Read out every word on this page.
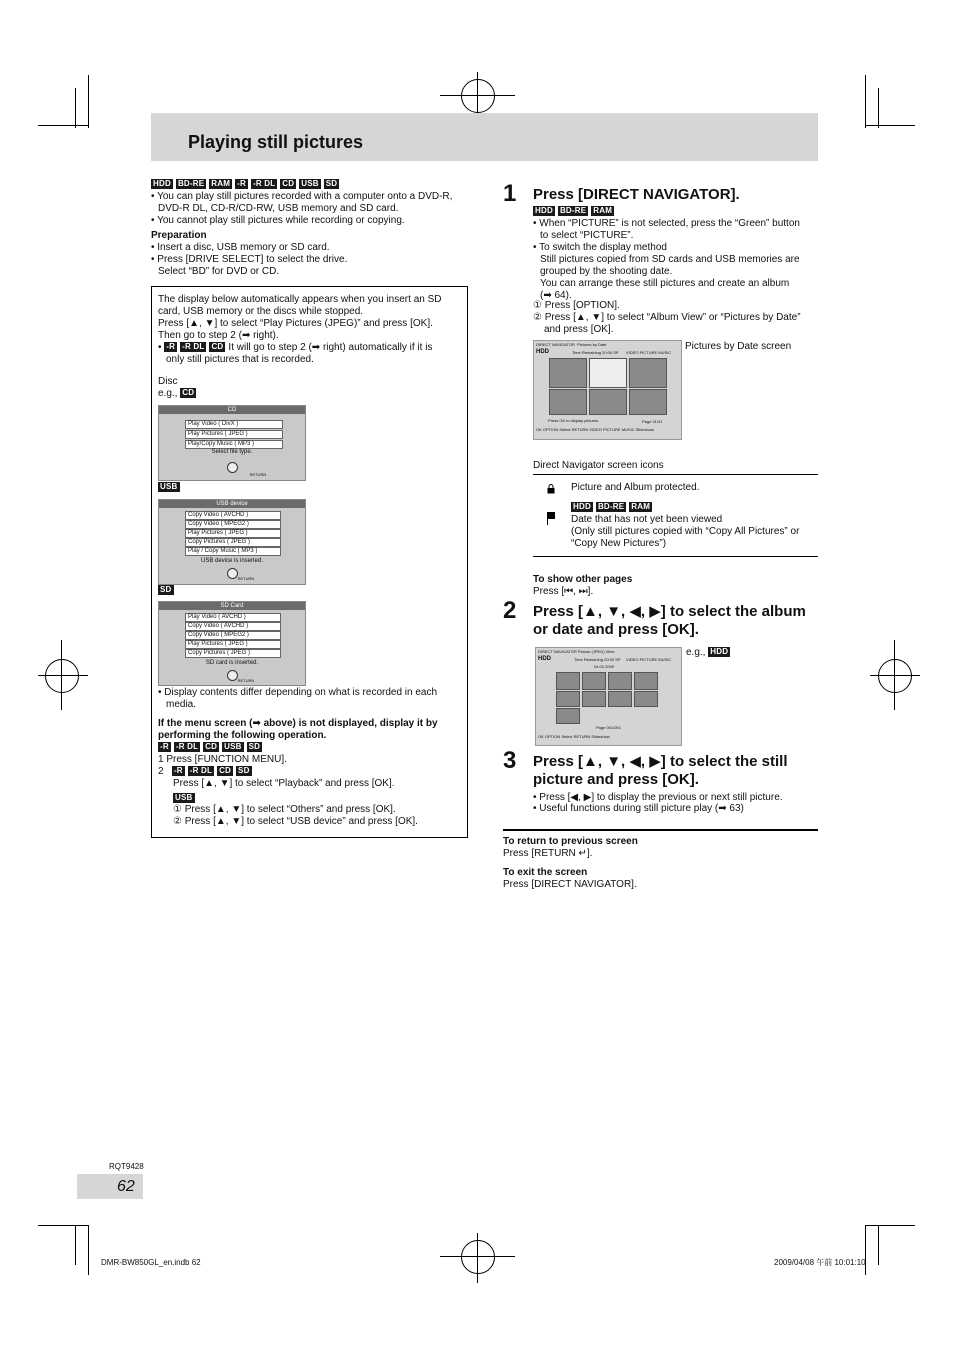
Playing still pictures
HDD BD-RE RAM -R -R DL CD USB SD
• You can play still pictures recorded with a computer onto a DVD-R,
DVD-R DL, CD-R/CD-RW, USB memory and SD card.
• You cannot play still pictures while recording or copying.
Preparation
• Insert a disc, USB memory or SD card.
• Press [DRIVE SELECT] to select the drive.
Select “BD” for DVD or CD.
The display below automatically appears when you insert an SD
card, USB memory or the discs while stopped.
Press [▲, ▼] to select “Play Pictures (JPEG)” and press [OK].
Then go to step 2 (➡ right).
• -R -R DL CD It will go to step 2 (➡ right) automatically if it is
only still pictures that is recorded.
Disc
e.g., CD
CD
Play Video ( DivX )
Play Pictures ( JPEG )
Play/Copy Music ( MP3 )
Select file type.
RETURN
USB
USB device
Copy Video ( AVCHD )
Copy Video ( MPEG2 )
Play Pictures ( JPEG )
Copy Pictures ( JPEG )
Play / Copy Music ( MP3 )
USB device is inserted.
RETURN
SD
SD Card
Play Video ( AVCHD )
Copy Video ( AVCHD )
Copy Video ( MPEG2 )
Play Pictures ( JPEG )
Copy Pictures ( JPEG )
SD card is inserted.
RETURN
• Display contents differ depending on what is recorded in each
media.
If the menu screen (➡ above) is not displayed, display it by
performing the following operation.
-R -R DL CD USB SD
1 Press [FUNCTION MENU].
2 -R -R DL CD SD
Press [▲, ▼] to select “Playback” and press [OK].
USB
① Press [▲, ▼] to select “Others” and press [OK].
② Press [▲, ▼] to select “USB device” and press [OK].
1 Press [DIRECT NAVIGATOR].
HDD BD-RE RAM
• When “PICTURE” is not selected, press the “Green” button
to select “PICTURE”.
• To switch the display method
Still pictures copied from SD cards and USB memories are
grouped by the shooting date.
You can arrange these still pictures and create an album
(➡ 64).
① Press [OPTION].
② Press [▲, ▼] to select “Album View” or “Pictures by Date”
and press [OK].
DIRECT NAVIGATOR Pictures by Date
HDD	Time Remaining 20:00 SP VIDEO PICTURE MUSIC
Press OK to display pictures.	Page 01/01
OK OPTION Select RETURN VIDEO PICTURE MUSIC Slideshow
Pictures by Date screen
Direct Navigator screen icons
Picture and Album protected.
HDD BD-RE RAM
Date that has not yet been viewed
(Only still pictures copied with “Copy All Pictures” or
“Copy New Pictures”)
To show other pages
Press [⏮, ⏭].
2 Press [▲, ▼, ◀, ▶] to select the album
or date and press [OK].
e.g., HDD
DIRECT NAVIGATOR Picture (JPEG) View
HDD	Time Remaining 20:00 SP VIDEO PICTURE MUSIC
04.02.2009
Page 001/001
OK OPTION Select RETURN Slideshow
3 Press [▲, ▼, ◀, ▶] to select the still
picture and press [OK].
• Press [◀, ▶] to display the previous or next still picture.
• Useful functions during still picture play (➡ 63)
To return to previous screen
Press [RETURN ↵].
To exit the screen
Press [DIRECT NAVIGATOR].
RQT9428
62
DMR-BW850GL_en.indb 62	2009/04/08 午前 10:01:10
